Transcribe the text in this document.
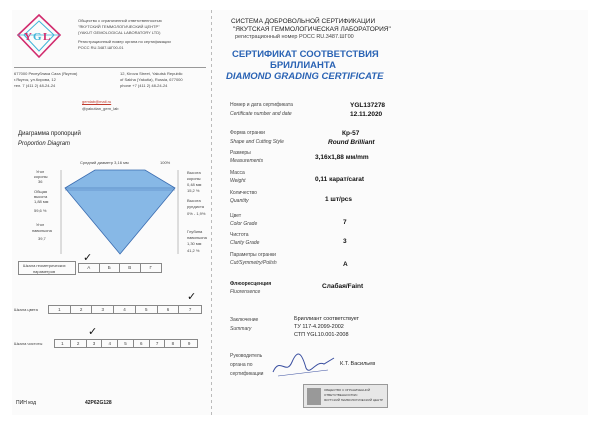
Y G L
Общество с ограниченной ответственностью
"ЯКУТСКИЙ ГЕММОЛОГИЧЕСКИЙ ЦЕНТР"
(YAKUT GEMOLOGICAL LABORATORY LTD)
Регистрационный номер органа по сертификации
РОСС RU.3487.ШГ00-01
677000 Республика Саха (Якутия)
г.Якутск, ул.Кирова, 12
тел. 7 (411 2) 48-24-24
12, Kirova Street, Yakutsk Republic
of Sakha (Yakutia), Russia, 677000
phone +7 (411 2) 48-24-24
gemlab@mail.ru
@yakutian_gem_lab
Диаграмма пропорций
Proportion Diagram
Средний диаметр 3,16 мм	100%
Угол
короны
36
Общая
высота
1,88 мм
59,6 %
Угол
павильона
39,7
Высота
короны
0,48 мм
15,2 %
Высота
рундиста
0% - 1,9%
Глубина
павильона
1,30 мм
41,2 %
Шкала геометрических
параметров
А	Б	В	Г
✓
Шкала цвета	1	2	3	4	5	6	7
✓
Шкала чистоты	1	2	3	4	5	6	7	8	9
✓
ПИН код	42P62G128
СИСТЕМА ДОБРОВОЛЬНОЙ СЕРТИФИКАЦИИ
"ЯКУТСКАЯ ГЕММОЛОГИЧЕСКАЯ ЛАБОРАТОРИЯ"
регистрационный номер РОСС RU.3487.ШГ00
СЕРТИФИКАТ СООТВЕТСТВИЯ
БРИЛЛИАНТА
DIAMOND GRADING CERTIFICATE
Номер и дата сертификата
Certificate number and date
YGL137278
12.11.2020
Форма огранки
Shape and Cutting Style
Кр-57
Round Brilliant
Размеры
Measurements	3,16х1,88 мм/mm
Масса
Weight	0,11 карат/carat
Количество
Quantity	1 шт/pcs
Цвет
Color Grade	7
Чистота
Clarity Grade	3
Параметры огранки
Cut/Symmetry/Polish	A
Флюоресценция
Fluorensence
Слабая/Faint
Заключение
Summary
Бриллиант соответствует
ТУ 117-4.2099-2002
СТП YGL10.001-2008
Руководитель
органа по
сертификации
К.Т. Васильев
ОБЩЕСТВО С ОГРАНИЧЕННОЙ
ОТВЕТСТВЕННОСТЬЮ
ЯКУТСКИЙ ГЕММОЛОГИЧЕСКИЙ ЦЕНТР
